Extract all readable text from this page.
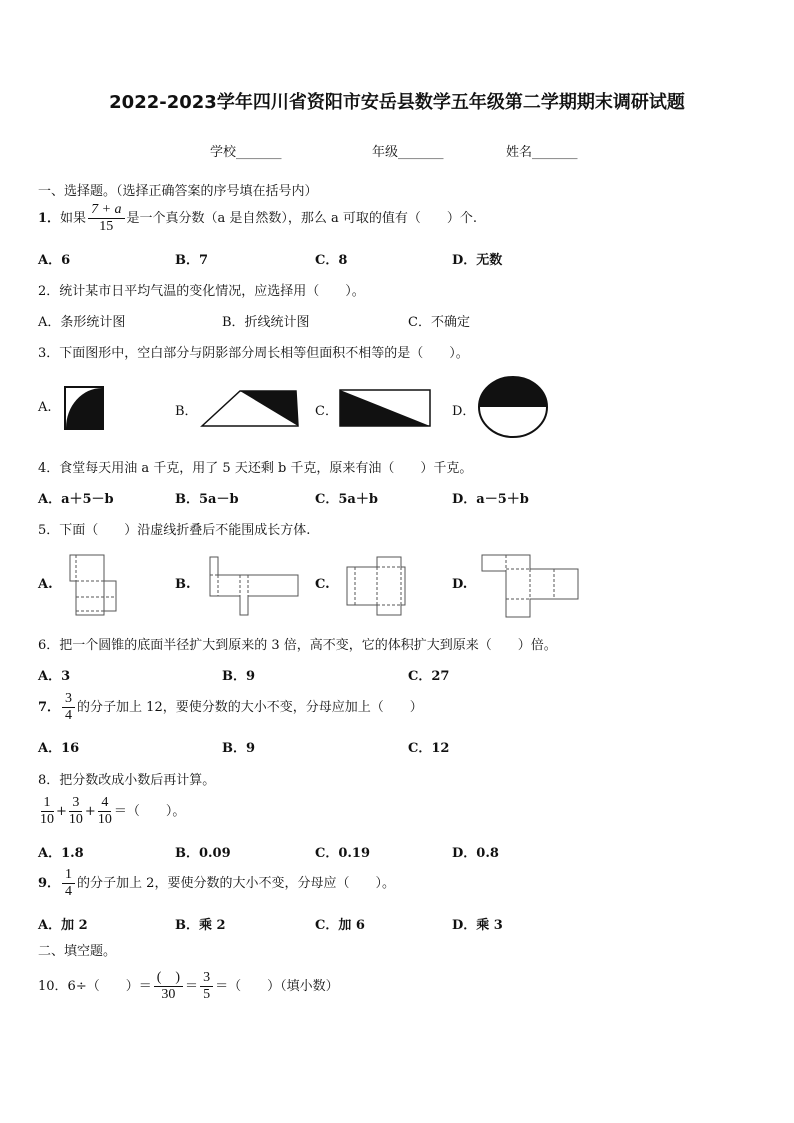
2022-2023学年四川省资阳市安岳县数学五年级第二学期期末调研试题
学校_______	年级_______	姓名_______
一、选择题。（选择正确答案的序号填在括号内）
1．如果 $\frac{7 + a}{15}$ 是一个真分数（a 是自然数），那么 a 可取的值有（　　）个.
A．6	B．7	C．8	D．无数
2．统计某市日平均气温的变化情况，应选择用（　　）。
A．条形统计图	B．折线统计图	C．不确定
3．下面图形中，空白部分与阴影部分周长相等但面积不相等的是（　　）。
A.	B．	C．	D．
4．食堂每天用油 a 千克，用了 5 天还剩 b 千克，原来有油（　　）千克。
A．a＋5－b	B．5a－b	C．5a＋b	D．a－5＋b
5．下面（　　）沿虚线折叠后不能围成长方体.
A.	B.	C.	D.
6．把一个圆锥的底面半径扩大到原来的 3 倍，高不变，它的体积扩大到原来（　　）倍。
A．3	B．9	C．27
7． $\frac{3}{4}$ 的分子加上 12，要使分数的大小不变，分母应加上（　　）
A．16	B．9	C．12
8．把分数改成小数后再计算。
$\frac{1}{10} + \frac{3}{10} + \frac{4}{10}$ ＝（　　）。
A．1.8	B．0.09	C．0.19	D．0.8
9． $\frac{1}{4}$ 的分子加上 2，要使分数的大小不变，分母应（　　）。
A．加 2	B．乘 2	C．加 6	D．乘 3
二、填空题。
10．6÷（　　）＝ $\frac{( )}{30} = \frac{3}{5}$ ＝（　　）（填小数）
